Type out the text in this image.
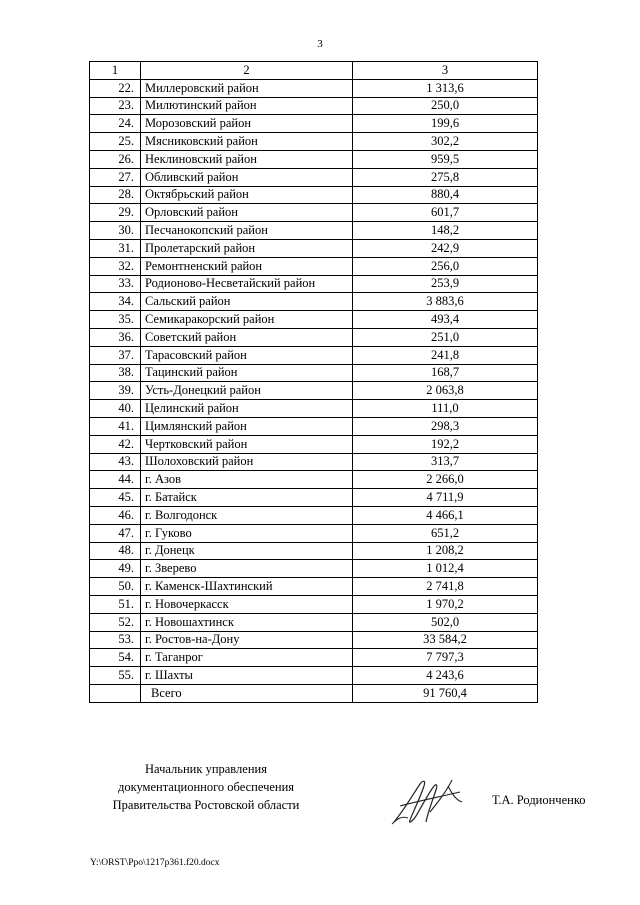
3
1	2	3
22.	Миллеровский район	1 313,6
23.	Милютинский район	250,0
24.	Морозовский район	199,6
25.	Мясниковский район	302,2
26.	Неклиновский район	959,5
27.	Обливский район	275,8
28.	Октябрьский район	880,4
29.	Орловский район	601,7
30.	Песчанокопский район	148,2
31.	Пролетарский район	242,9
32.	Ремонтненский район	256,0
33.	Родионово-Несветайский район	253,9
34.	Сальский район	3 883,6
35.	Семикаракорский район	493,4
36.	Советский район	251,0
37.	Тарасовский район	241,8
38.	Тацинский район	168,7
39.	Усть-Донецкий район	2 063,8
40.	Целинский район	111,0
41.	Цимлянский район	298,3
42.	Чертковский район	192,2
43.	Шолоховский район	313,7
44.	г. Азов	2 266,0
45.	г. Батайск	4 711,9
46.	г. Волгодонск	4 466,1
47.	г. Гуково	651,2
48.	г. Донецк	1 208,2
49.	г. Зверево	1 012,4
50.	г. Каменск-Шахтинский	2 741,8
51.	г. Новочеркасск	1 970,2
52.	г. Новошахтинск	502,0
53.	г. Ростов-на-Дону	33 584,2
54.	г. Таганрог	7 797,3
55.	г. Шахты	4 243,6
	Всего	91 760,4
Начальник управления
документационного обеспечения
Правительства Ростовской области	Т.А. Родионченко
Y:\ORST\Ppo\1217p361.f20.docx
